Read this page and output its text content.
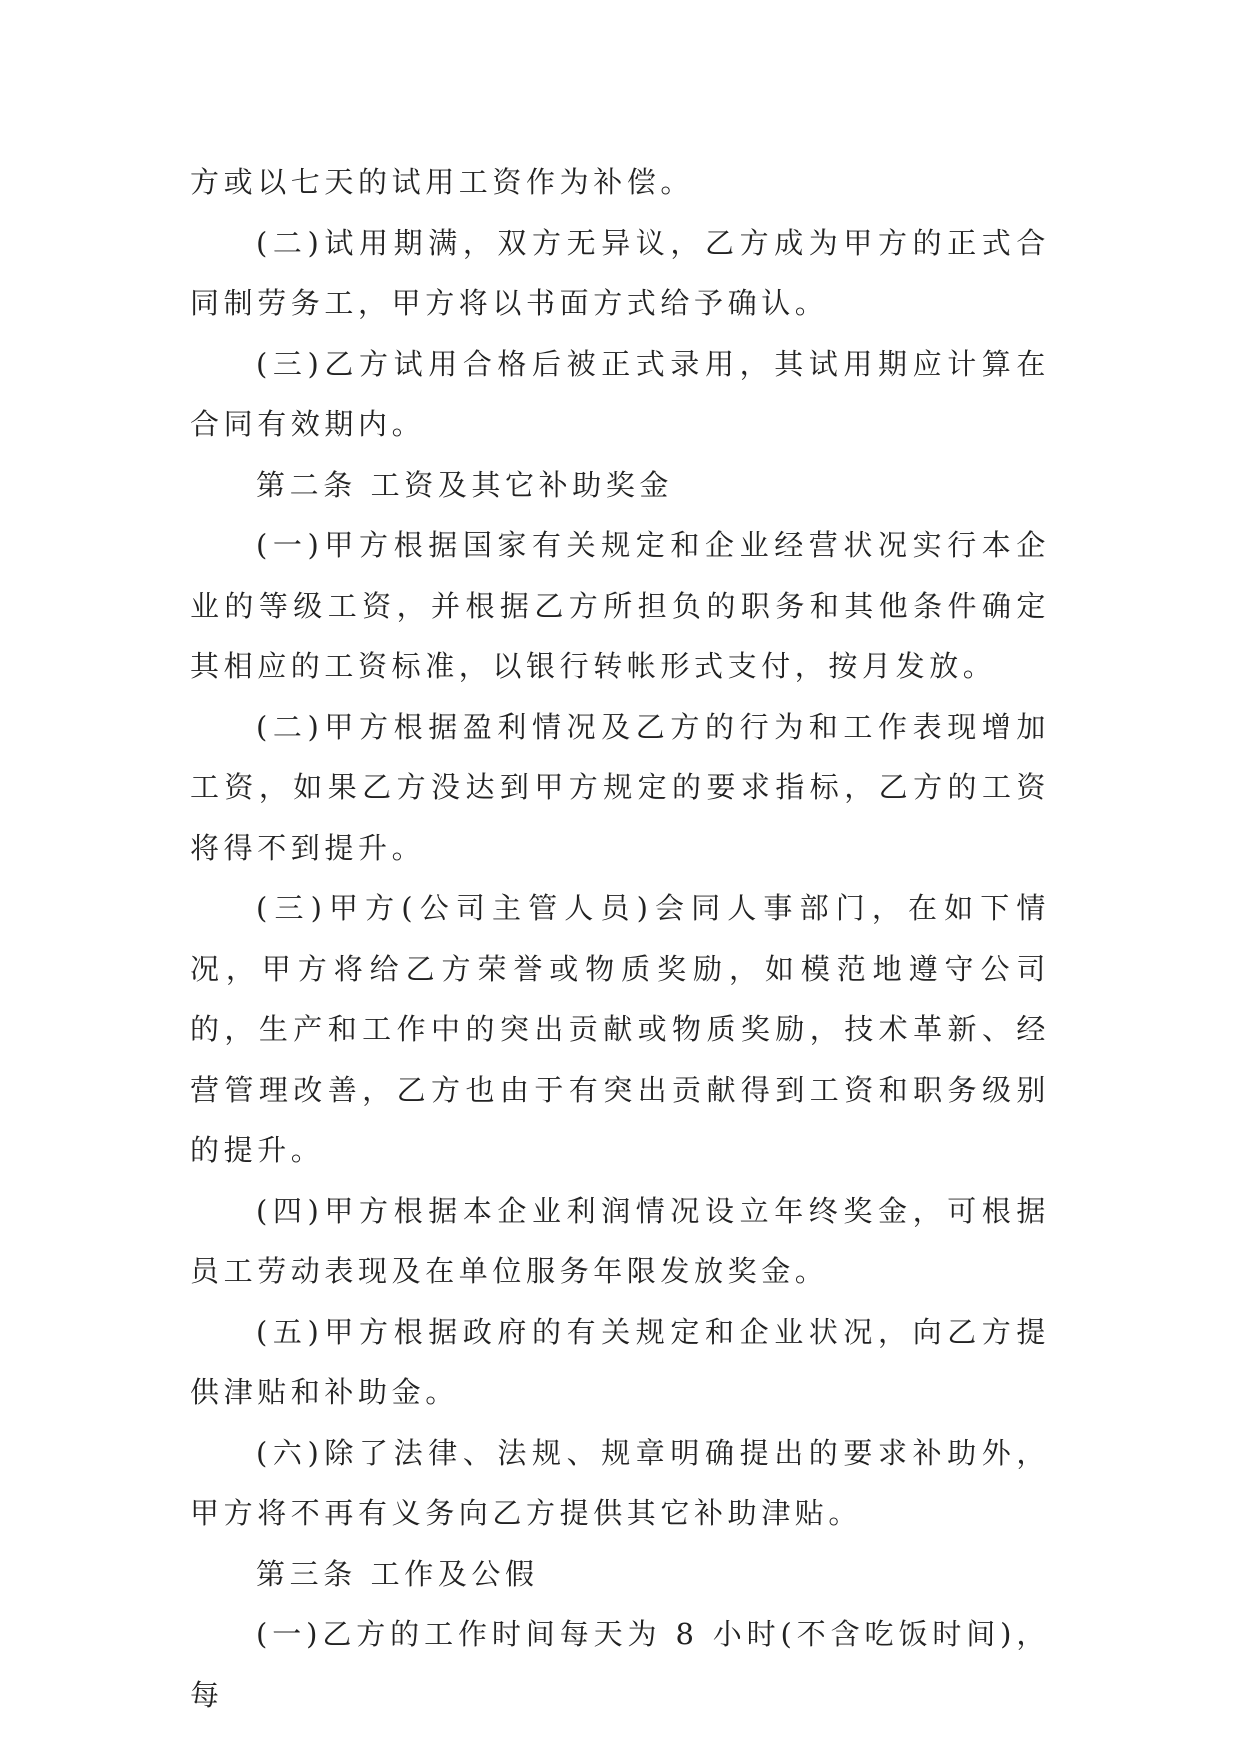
方或以七天的试用工资作为补偿。

(二)试用期满，双方无异议，乙方成为甲方的正式合同制劳务工，甲方将以书面方式给予确认。

(三)乙方试用合格后被正式录用，其试用期应计算在合同有效期内。

第二条 工资及其它补助奖金

(一)甲方根据国家有关规定和企业经营状况实行本企业的等级工资，并根据乙方所担负的职务和其他条件确定其相应的工资标准，以银行转帐形式支付，按月发放。

(二)甲方根据盈利情况及乙方的行为和工作表现增加工资，如果乙方没达到甲方规定的要求指标，乙方的工资将得不到提升。

(三)甲方(公司主管人员)会同人事部门，在如下情况，甲方将给乙方荣誉或物质奖励，如模范地遵守公司的，生产和工作中的突出贡献或物质奖励，技术革新、经营管理改善，乙方也由于有突出贡献得到工资和职务级别的提升。

(四)甲方根据本企业利润情况设立年终奖金，可根据员工劳动表现及在单位服务年限发放奖金。

(五)甲方根据政府的有关规定和企业状况，向乙方提供津贴和补助金。

(六)除了法律、法规、规章明确提出的要求补助外，甲方将不再有义务向乙方提供其它补助津贴。

第三条 工作及公假

(一)乙方的工作时间每天为 8 小时(不含吃饭时间)，每
